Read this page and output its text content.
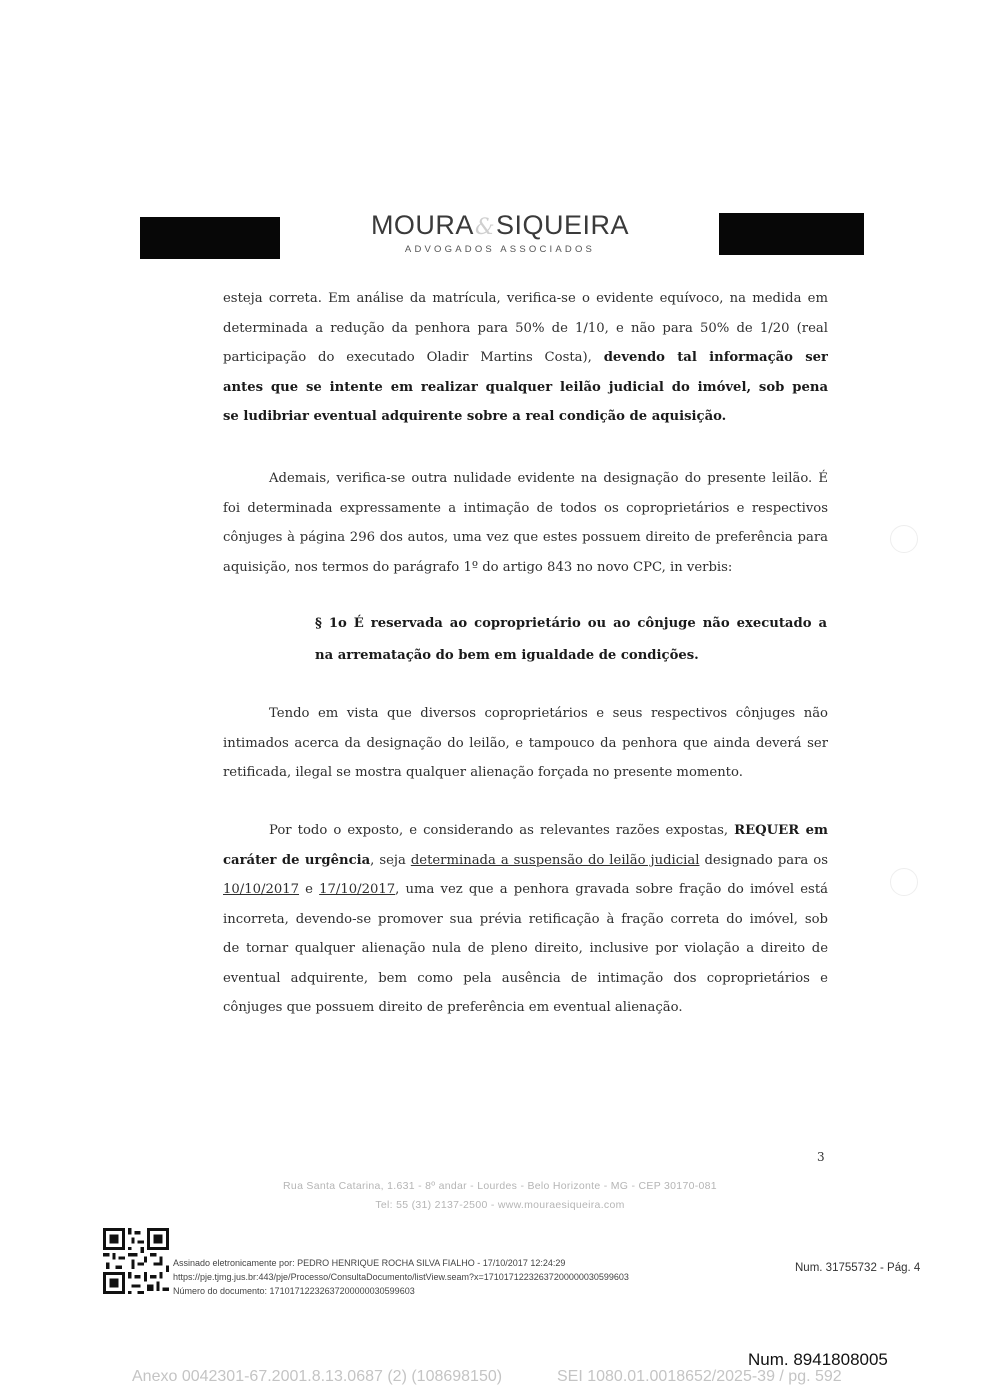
MOURA&SIQUEIRA
ADVOGADOS ASSOCIADOS
esteja correta. Em análise da matrícula, verifica-se o evidente equívoco, na medida em
determinada a redução da penhora para 50% de 1/10, e não para 50% de 1/20 (real
participação do executado Oladir Martins Costa), devendo tal informação ser
antes que se intente em realizar qualquer leilão judicial do imóvel, sob pena
se ludibriar eventual adquirente sobre a real condição de aquisição.
Ademais, verifica-se outra nulidade evidente na designação do presente leilão. É
foi determinada expressamente a intimação de todos os coproprietários e respectivos
cônjuges à página 296 dos autos, uma vez que estes possuem direito de preferência para
aquisição, nos termos do parágrafo 1º do artigo 843 no novo CPC, in verbis:
§ 1o É reservada ao coproprietário ou ao cônjuge não executado a
na arrematação do bem em igualdade de condições.
Tendo em vista que diversos coproprietários e seus respectivos cônjuges não
intimados acerca da designação do leilão, e tampouco da penhora que ainda deverá ser
retificada, ilegal se mostra qualquer alienação forçada no presente momento.
Por todo o exposto, e considerando as relevantes razões expostas, REQUER em
caráter de urgência, seja determinada a suspensão do leilão judicial designado para os
10/10/2017 e 17/10/2017, uma vez que a penhora gravada sobre fração do imóvel está
incorreta, devendo-se promover sua prévia retificação à fração correta do imóvel, sob
de tornar qualquer alienação nula de pleno direito, inclusive por violação a direito de
eventual adquirente, bem como pela ausência de intimação dos coproprietários e
cônjuges que possuem direito de preferência em eventual alienação.
3
Rua Santa Catarina, 1.631 - 8º andar - Lourdes - Belo Horizonte - MG - CEP 30170-081
Tel: 55 (31) 2137-2500 - www.mouraesiqueira.com
Assinado eletronicamente por: PEDRO HENRIQUE ROCHA SILVA FIALHO - 17/10/2017 12:24:29
https://pje.tjmg.jus.br:443/pje/Processo/ConsultaDocumento/listView.seam?x=17101712232637200000030599603
Número do documento: 17101712232637200000030599603
Num. 31755732 - Pág. 4
Num. 8941808005
Anexo 0042301-67.2001.8.13.0687 (2) (108698150)	SEI 1080.01.0018652/2025-39 / pg. 592
